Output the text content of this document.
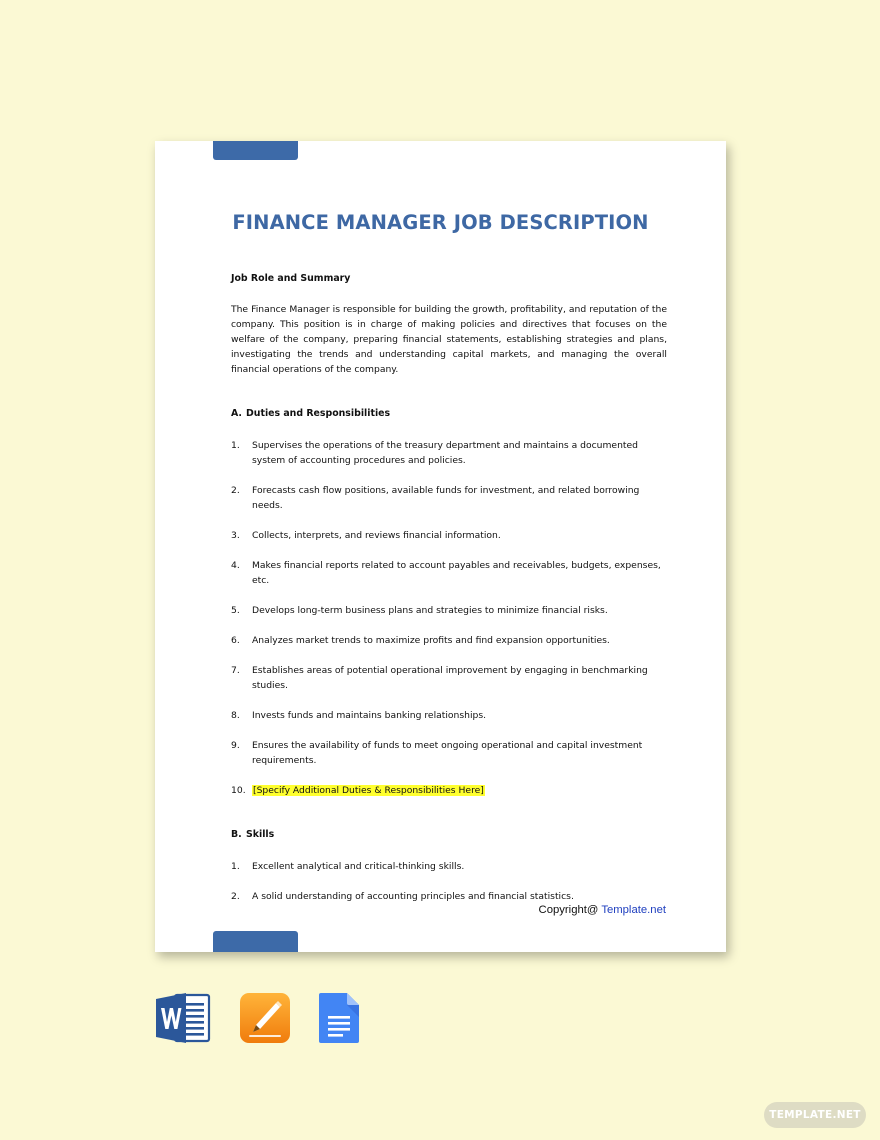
FINANCE MANAGER JOB DESCRIPTION
Job Role and Summary

The Finance Manager is responsible for building the growth, profitability, and reputation of the company. This position is in charge of making policies and directives that focuses on the welfare of the company, preparing financial statements, establishing strategies and plans, investigating the trends and understanding capital markets, and managing the overall financial operations of the company.

A. Duties and Responsibilities
1. Supervises the operations of the treasury department and maintains a documented system of accounting procedures and policies.
2. Forecasts cash flow positions, available funds for investment, and related borrowing needs.
3. Collects, interprets, and reviews financial information.
4. Makes financial reports related to account payables and receivables, budgets, expenses, etc.
5. Develops long-term business plans and strategies to minimize financial risks.
6. Analyzes market trends to maximize profits and find expansion opportunities.
7. Establishes areas of potential operational improvement by engaging in benchmarking studies.
8. Invests funds and maintains banking relationships.
9. Ensures the availability of funds to meet ongoing operational and capital investment requirements.
10. [Specify Additional Duties & Responsibilities Here]
B. Skills
1. Excellent analytical and critical-thinking skills.
2. A solid understanding of accounting principles and financial statistics.
Copyright@ Template.net
TEMPLATE.NET
